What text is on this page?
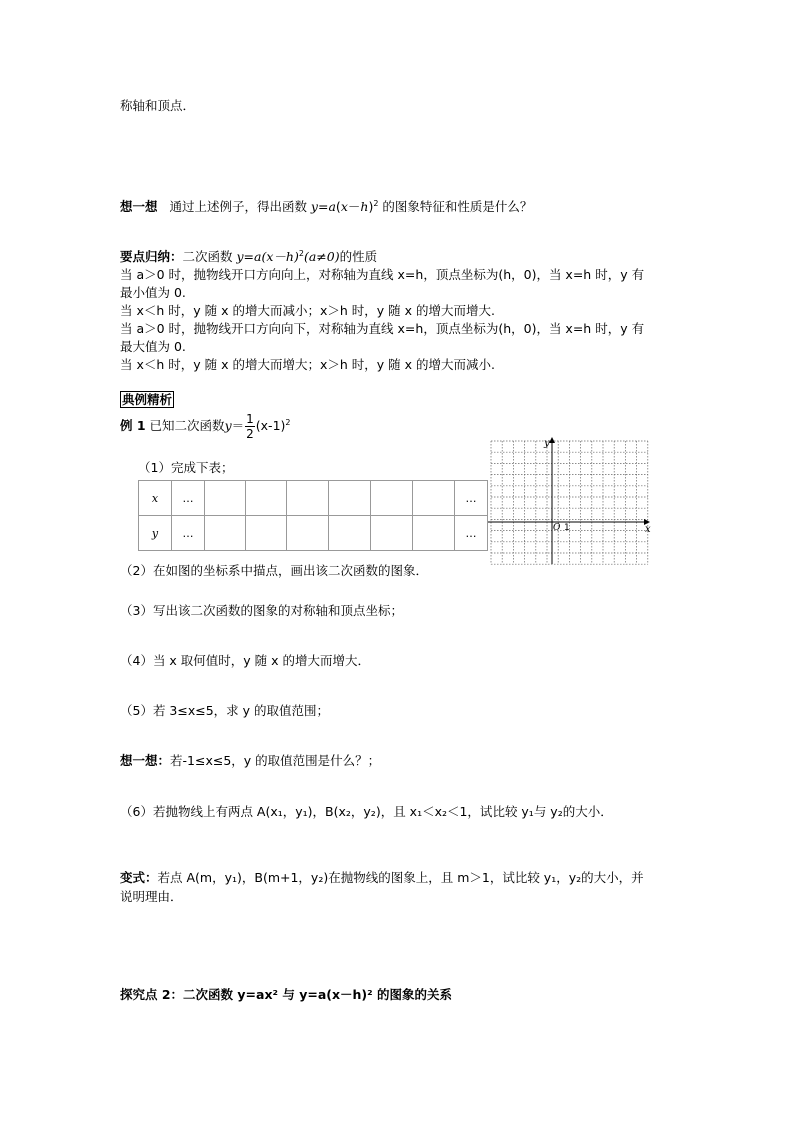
称轴和顶点．
想一想 通过上述例子，得出函数 $y=a(x-h)^2$ 的图象特征和性质是什么？
要点归纳：二次函数 $y=a(x-h)^2(a\ne 0)$的性质
当 a＞0 时，抛物线开口方向向上，对称轴为直线 x=h，顶点坐标为(h，0)，当 x=h 时，y 有
最小值为 0.
当 x＜h 时，y 随 x 的增大而减小；x＞h 时，y 随 x 的增大而增大.
当 a＞0 时，抛物线开口方向向下，对称轴为直线 x=h，顶点坐标为(h，0)，当 x=h 时，y 有
最大值为 0.
当 x＜h 时，y 随 x 的增大而增大；x＞h 时，y 随 x 的增大而减小.
典例精析
例 1 已知二次函数$y= \frac{1}{2} (x-1)^2$
（1）完成下表；
x	…							…
y	…							…	x
y
O 1
（2）在如图的坐标系中描点，画出该二次函数的图象．
（3）写出该二次函数的图象的对称轴和顶点坐标；
（4）当 x 取何值时，y 随 x 的增大而增大．
（5）若 3≤x≤5，求 y 的取值范围；
想一想：若-1≤x≤5，y 的取值范围是什么？；
（6）若抛物线上有两点 A(x₁，y₁)，B(x₂，y₂)，且 x₁＜x₂＜1，试比较 y₁与 y₂的大小．
变式：若点 A(m，y₁)，B(m+1，y₂)在抛物线的图象上，且 m＞1，试比较 y₁，y₂的大小，并
说明理由．
探究点 2：二次函数 y=ax² 与 y=a(x－h)² 的图象的关系
